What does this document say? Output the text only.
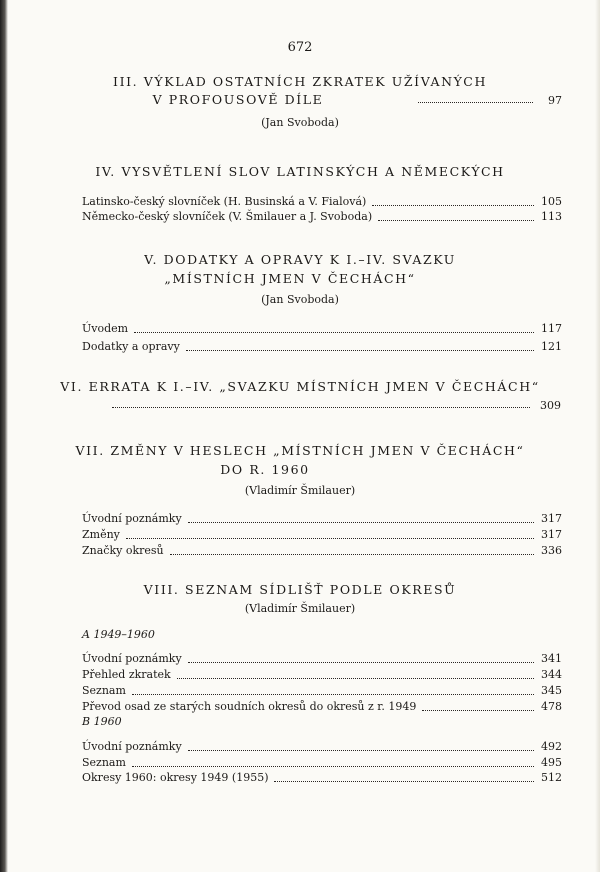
672
III. VÝKLAD OSTATNÍCH ZKRATEK UŽÍVANÝCH
V PROFOUSOVĚ DÍLE	97
(Jan Svoboda)
IV. VYSVĚTLENÍ SLOV LATINSKÝCH A NĚMECKÝCH
Latinsko-český slovníček (H. Businská a V. Fialová)	105
Německo-český slovníček (V. Šmilauer a J. Svoboda)	113
V. DODATKY A OPRAVY K I.–IV. SVAZKU
„MÍSTNÍCH JMEN V ČECHÁCH“
(Jan Svoboda)
Úvodem	117
Dodatky a opravy	121
VI. ERRATA K I.–IV. „SVAZKU MÍSTNÍCH JMEN V ČECHÁCH“
309
VII. ZMĚNY V HESLECH „MÍSTNÍCH JMEN V ČECHÁCH“
DO R. 1960
(Vladimír Šmilauer)
Úvodní poznámky	317
Změny	317
Značky okresů	336
VIII. SEZNAM SÍDLIŠŤ PODLE OKRESŮ
(Vladimír Šmilauer)
A 1949–1960
Úvodní poznámky	341
Přehled zkratek	344
Seznam	345
Převod osad ze starých soudních okresů do okresů z r. 1949	478
B 1960
Úvodní poznámky	492
Seznam	495
Okresy 1960: okresy 1949 (1955)	512
